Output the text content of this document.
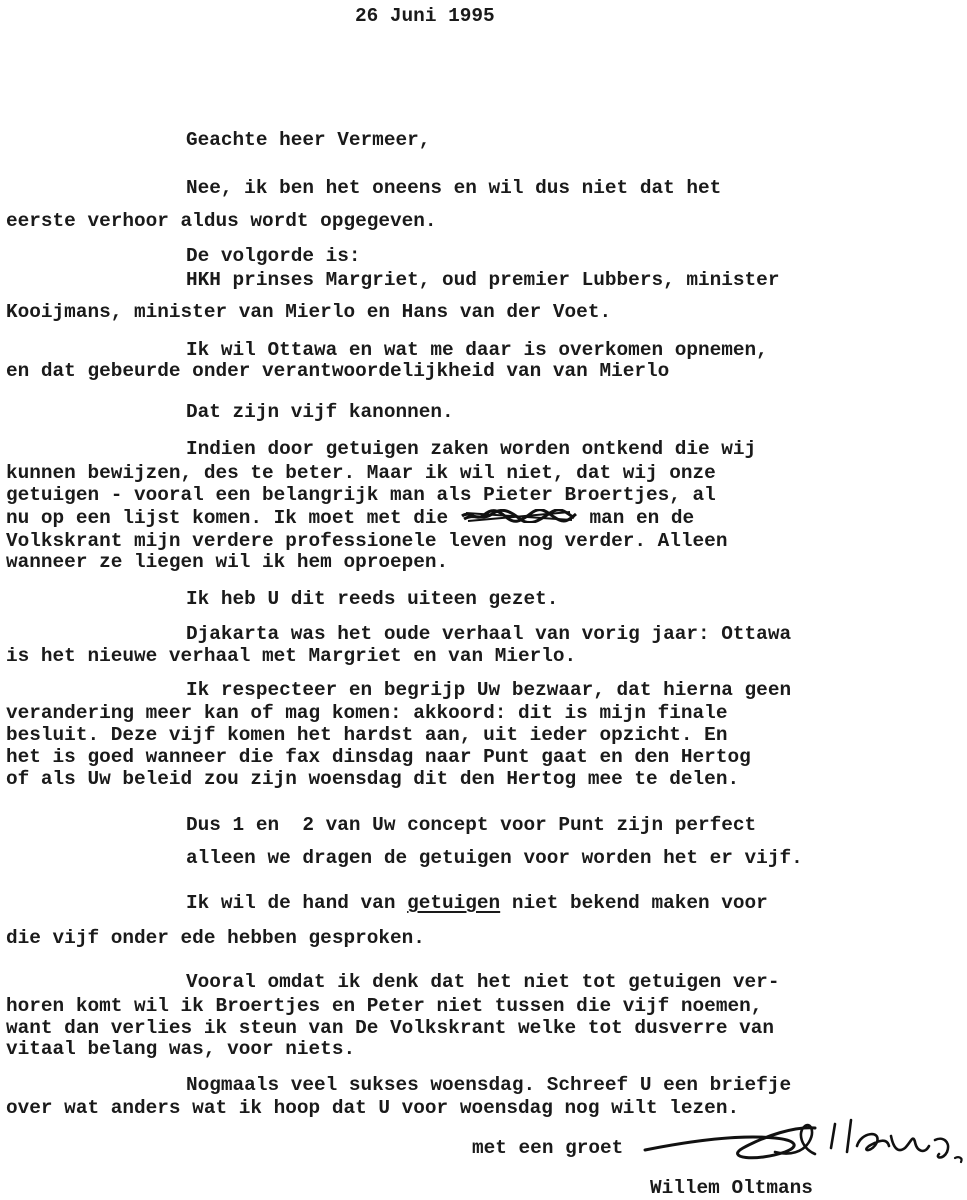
26 Juni 1995
Geachte heer Vermeer,
Nee, ik ben het oneens en wil dus niet dat het
eerste verhoor aldus wordt opgegeven.
De volgorde is:
HKH prinses Margriet, oud premier Lubbers, minister
Kooijmans, minister van Mierlo en Hans van der Voet.
Ik wil Ottawa en wat me daar is overkomen opnemen,
en dat gebeurde onder verantwoordelijkheid van van Mierlo
Dat zijn vijf kanonnen.
Indien door getuigen zaken worden ontkend die wij
kunnen bewijzen, des te beter. Maar ik wil niet, dat wij onze
getuigen - vooral een belangrijk man als Pieter Broertjes, al
nu op een lijst komen. Ik moet met die	man en de
Volkskrant mijn verdere professionele leven nog verder. Alleen
wanneer ze liegen wil ik hem oproepen.
Ik heb U dit reeds uiteen gezet.
Djakarta was het oude verhaal van vorig jaar: Ottawa
is het nieuwe verhaal met Margriet en van Mierlo.
Ik respecteer en begrijp Uw bezwaar, dat hierna geen
verandering meer kan of mag komen: akkoord: dit is mijn finale
besluit. Deze vijf komen het hardst aan, uit ieder opzicht. En
het is goed wanneer die fax dinsdag naar Punt gaat en den Hertog
of als Uw beleid zou zijn woensdag dit den Hertog mee te delen.
Dus 1 en  2 van Uw concept voor Punt zijn perfect
alleen we dragen de getuigen voor worden het er vijf.
Ik wil de hand van getuigen niet bekend maken voor
die vijf onder ede hebben gesproken.
Vooral omdat ik denk dat het niet tot getuigen ver-
horen komt wil ik Broertjes en Peter niet tussen die vijf noemen,
want dan verlies ik steun van De Volkskrant welke tot dusverre van
vitaal belang was, voor niets.
Nogmaals veel sukses woensdag. Schreef U een briefje
over wat anders wat ik hoop dat U voor woensdag nog wilt lezen.
met een groet
Willem Oltmans
